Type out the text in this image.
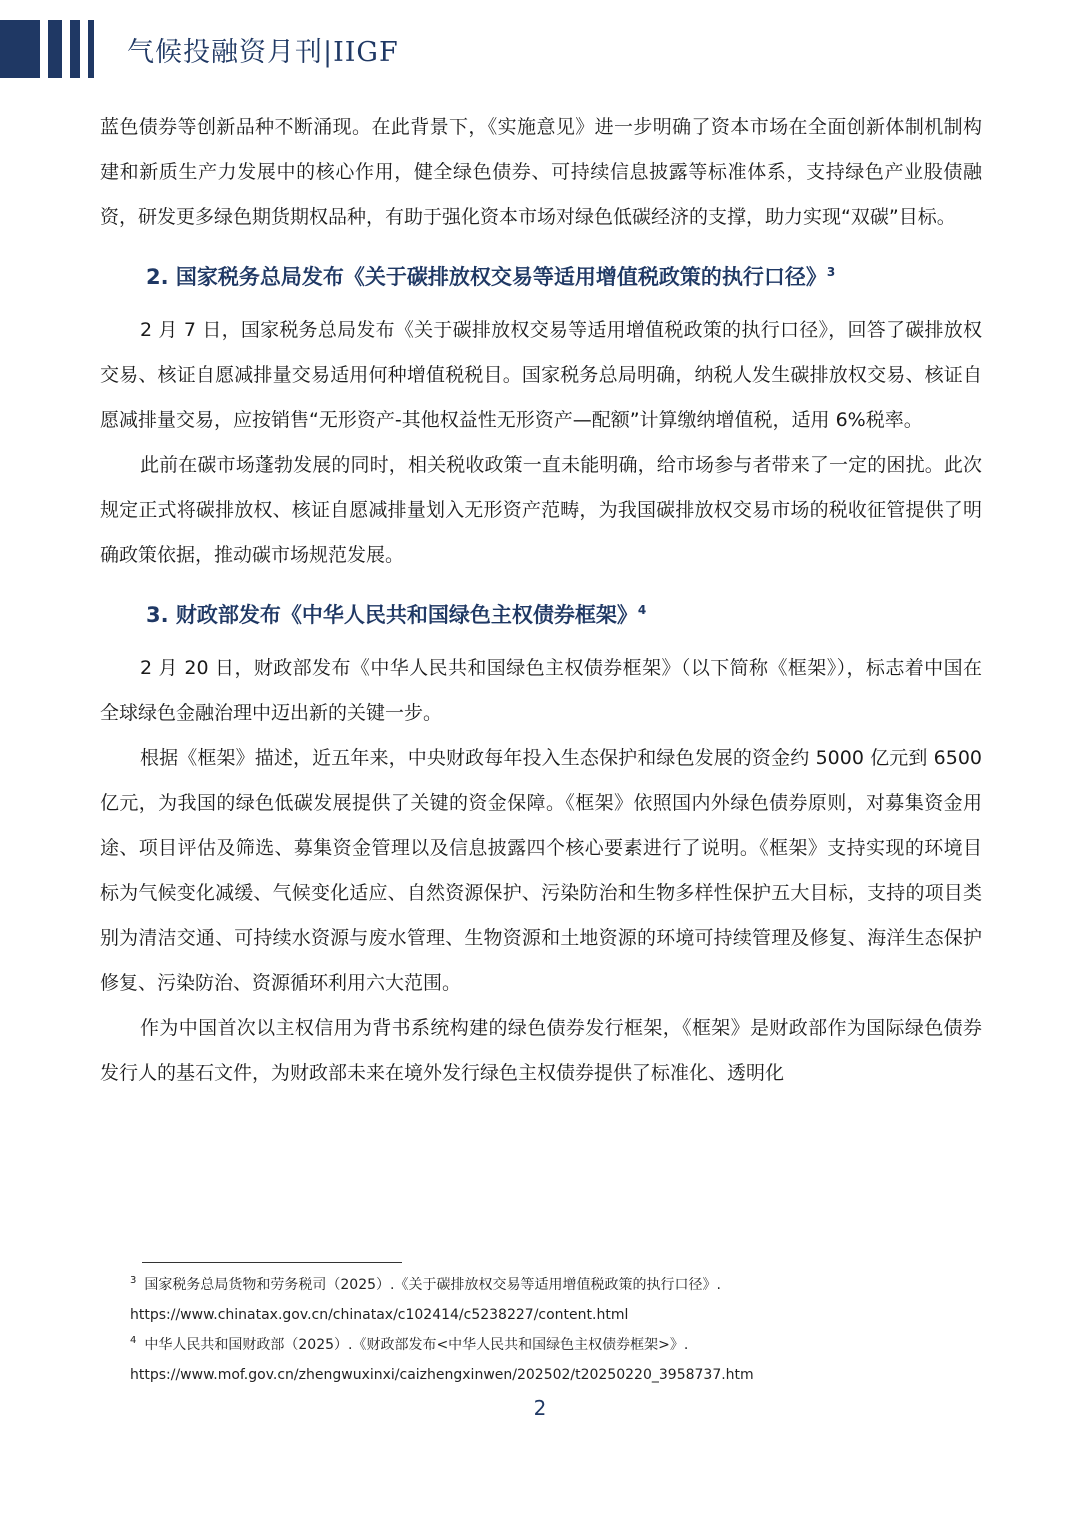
气候投融资月刊|IIGF

蓝色债券等创新品种不断涌现。在此背景下，《实施意见》进一步明确了资本市场在全面创新体制机制构建和新质生产力发展中的核心作用，健全绿色债券、可持续信息披露等标准体系，支持绿色产业股债融资，研发更多绿色期货期权品种，有助于强化资本市场对绿色低碳经济的支撑，助力实现“双碳”目标。

2. 国家税务总局发布《关于碳排放权交易等适用增值税政策的执行口径》$^3$

2 月 7 日，国家税务总局发布《关于碳排放权交易等适用增值税政策的执行口径》，回答了碳排放权交易、核证自愿减排量交易适用何种增值税税目。国家税务总局明确，纳税人发生碳排放权交易、核证自愿减排量交易，应按销售“无形资产-其他权益性无形资产—配额”计算缴纳增值税，适用 6%税率。

此前在碳市场蓬勃发展的同时，相关税收政策一直未能明确，给市场参与者带来了一定的困扰。此次规定正式将碳排放权、核证自愿减排量划入无形资产范畴，为我国碳排放权交易市场的税收征管提供了明确政策依据，推动碳市场规范发展。

3. 财政部发布《中华人民共和国绿色主权债券框架》$^4$

2 月 20 日，财政部发布《中华人民共和国绿色主权债券框架》（以下简称《框架》），标志着中国在全球绿色金融治理中迈出新的关键一步。

根据《框架》描述，近五年来，中央财政每年投入生态保护和绿色发展的资金约 5000 亿元到 6500 亿元，为我国的绿色低碳发展提供了关键的资金保障。《框架》依照国内外绿色债券原则，对募集资金用途、项目评估及筛选、募集资金管理以及信息披露四个核心要素进行了说明。《框架》支持实现的环境目标为气候变化减缓、气候变化适应、自然资源保护、污染防治和生物多样性保护五大目标，支持的项目类别为清洁交通、可持续水资源与废水管理、生物资源和土地资源的环境可持续管理及修复、海洋生态保护修复、污染防治、资源循环利用六大范围。

作为中国首次以主权信用为背书系统构建的绿色债券发行框架，《框架》是财政部作为国际绿色债券发行人的基石文件，为财政部未来在境外发行绿色主权债券提供了标准化、透明化

$^3$ 国家税务总局货物和劳务税司（2025）.《关于碳排放权交易等适用增值税政策的执行口径》.
https://www.chinatax.gov.cn/chinatax/c102414/c5238227/content.html
$^4$ 中华人民共和国财政部（2025）.《财政部发布<中华人民共和国绿色主权债券框架>》.
https://www.mof.gov.cn/zhengwuxinxi/caizhengxinwen/202502/t20250220_3958737.htm
2
